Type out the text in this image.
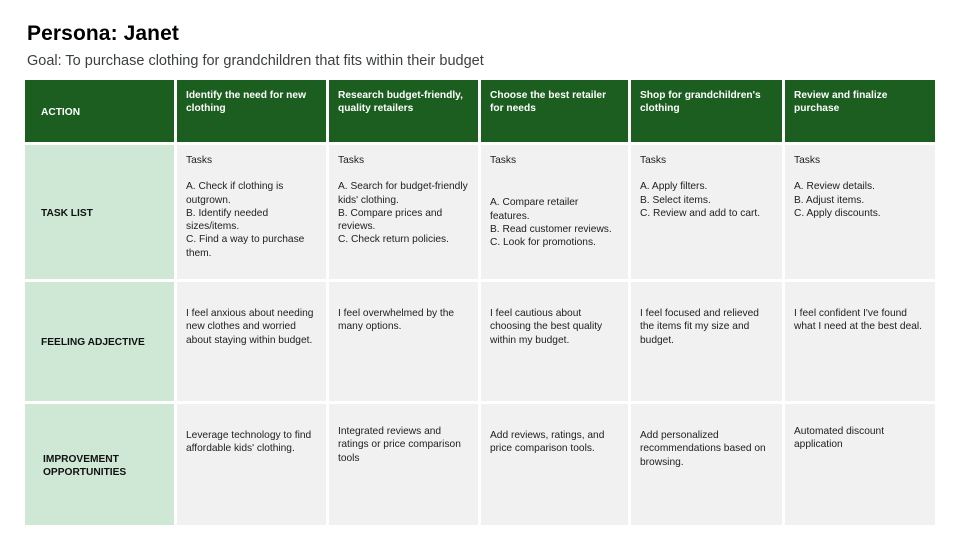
Persona: Janet
Goal: To purchase clothing for grandchildren that fits within their budget
ACTION
Identify the need for new clothing
Research budget-friendly, quality retailers
Choose the best retailer for needs
Shop for grandchildren's clothing
Review and finalize purchase
TASK LIST
Tasks
A. Check if clothing is outgrown.
B. Identify needed sizes/items.
C. Find a way to purchase them.
Tasks
A. Search for budget-friendly kids' clothing.
B. Compare prices and reviews.
C. Check return policies.
Tasks
A. Compare retailer features.
B. Read customer reviews.
C. Look for promotions.
Tasks
A. Apply filters.
B. Select items.
C. Review and add to cart.
Tasks
A. Review details.
B. Adjust items.
C. Apply discounts.
FEELING ADJECTIVE
I feel anxious about needing new clothes and worried about staying within budget.
I feel overwhelmed by the many options.
I feel cautious about choosing the best quality within my budget.
I feel focused and relieved the items fit my size and budget.
I feel confident I've found what I need at the best deal.
IMPROVEMENT OPPORTUNITIES
Leverage technology to find affordable kids' clothing.
Integrated reviews and ratings or price comparison tools
Add reviews, ratings, and price comparison tools.
Add personalized recommendations based on browsing.
Automated discount application
